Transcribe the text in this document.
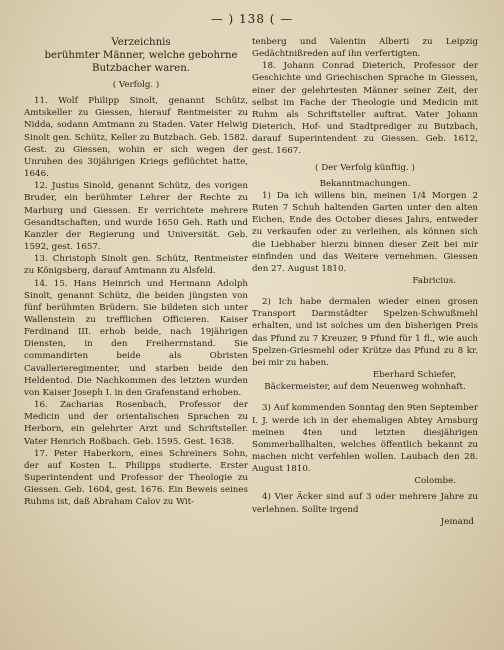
— ) 138 ( —

Verzeichnis

berühmter Männer, welche gebohrne

Butzbacher waren.

( Verfolg. )

11. Wolf Philipp Sinolt, genannt Schütz, Amtskeller zu Giessen, hierauf Rentmeister zu Nidda, sodann Amtmann zu Staden. Vater Helwig Sinolt gen. Schütz, Keller zu Butzbach. Geb. 1582. Gest. zu Giessen, wohin er sich wegen der Unruhen des 30jährigen Kriegs geflüchtet hatte, 1646.

12. Justus Sinold, genannt Schütz, des vorigen Bruder, ein berühmter Lehrer der Rechte zu Marburg und Giessen. Er verrichtete mehrere Gesandtschaften, und wurde 1650 Geh. Rath und Kanzler der Regierung und Universität. Geb. 1592, gest. 1657.

13. Christoph Sinolt gen. Schütz, Rentmeister zu Königsberg, darauf Amtmann zu Alsfeld.

14. 15. Hans Heinrich und Hermann Adolph Sinolt, genannt Schütz, die beiden jüngsten von fünf berühmten Brüdern. Sie bildeten sich unter Wallenstein zu trefflichen Officieren. Kaiser Ferdinand III. erhob beide, nach 19jährigen Diensten, in den Freiherrnstand. Sie commandirten beide als Obristen Cavallerieregimenter, und starben beide den Heldentod. Die Nachkommen des letzten wurden von Kaiser Joseph I. in den Grafenstand erhoben.

16. Zacharias Rosenbach, Professor der Medicin und der orientalischen Sprachen zu Herborn, ein gelehrter Arzt und Schriftsteller. Vater Henrich Roßbach. Geb. 1595. Gest. 1638.

17. Peter Haberkorn, eines Schreiners Sohn, der auf Kosten L. Philipps studierte. Erster Superintendent und Professor der Theologie zu Giessen. Geb. 1604, gest. 1676. Ein Beweis seines Ruhms ist, daß Abraham Calov zu Wit-

tenberg und Valentin Alberti zu Leipzig Gedächtnißreden auf ihn verfertigten.

18. Johann Conrad Dieterich, Professor der Geschichte und Griechischen Sprache in Giessen, einer der gelehrtesten Männer seiner Zeit, der selbst im Fache der Theologie und Medicin mit Ruhm als Schriftsteller auftrat. Vater Johann Dieterich, Hof- und Stadtprediger zu Butzbach, darauf Superintendent zu Giessen. Geb. 1612, gest. 1667.

( Der Verfolg künftig. )

Bekanntmachungen.

1) Da ich willens bin, meinen 1/4 Morgen 2 Ruten 7 Schuh haltenden Garten unter den alten Eichen, Ende des October dieses Jahrs, entweder zu verkaufen oder zu verleihen, als können sich die Liebhaber hierzu binnen dieser Zeit bei mir einfinden und das Weitere vernehmen. Giessen den 27. August 1810.

Fabricius.

2) Ich habe dermalen wieder einen grosen Transport Darmstädter Spelzen-Schwußmehl erhalten, und ist solches um den bisherigen Preis das Pfund zu 7 Kreuzer, 9 Pfund für 1 fl., wie auch Spelzen-Griesmehl oder Krütze das Pfund zu 8 kr. bei mir zu haben.

Eberhard Schiefer,

Bäckermeister, auf dem Neuenweg wohnhaft.

3) Auf kommenden Sonntag den 9ten September I. J. werde ich in der ehemaligen Abtey Arnsburg meinen 4ten und letzten diesjährigen Sommerballhalten, welches öffentlich bekannt zu machen nicht verfehlen wollen. Laubach den 28. August 1810.

Colombe.

4) Vier Äcker sind auf 3 oder mehrere Jahre zu verlehnen. Sollte irgend

Jemand
